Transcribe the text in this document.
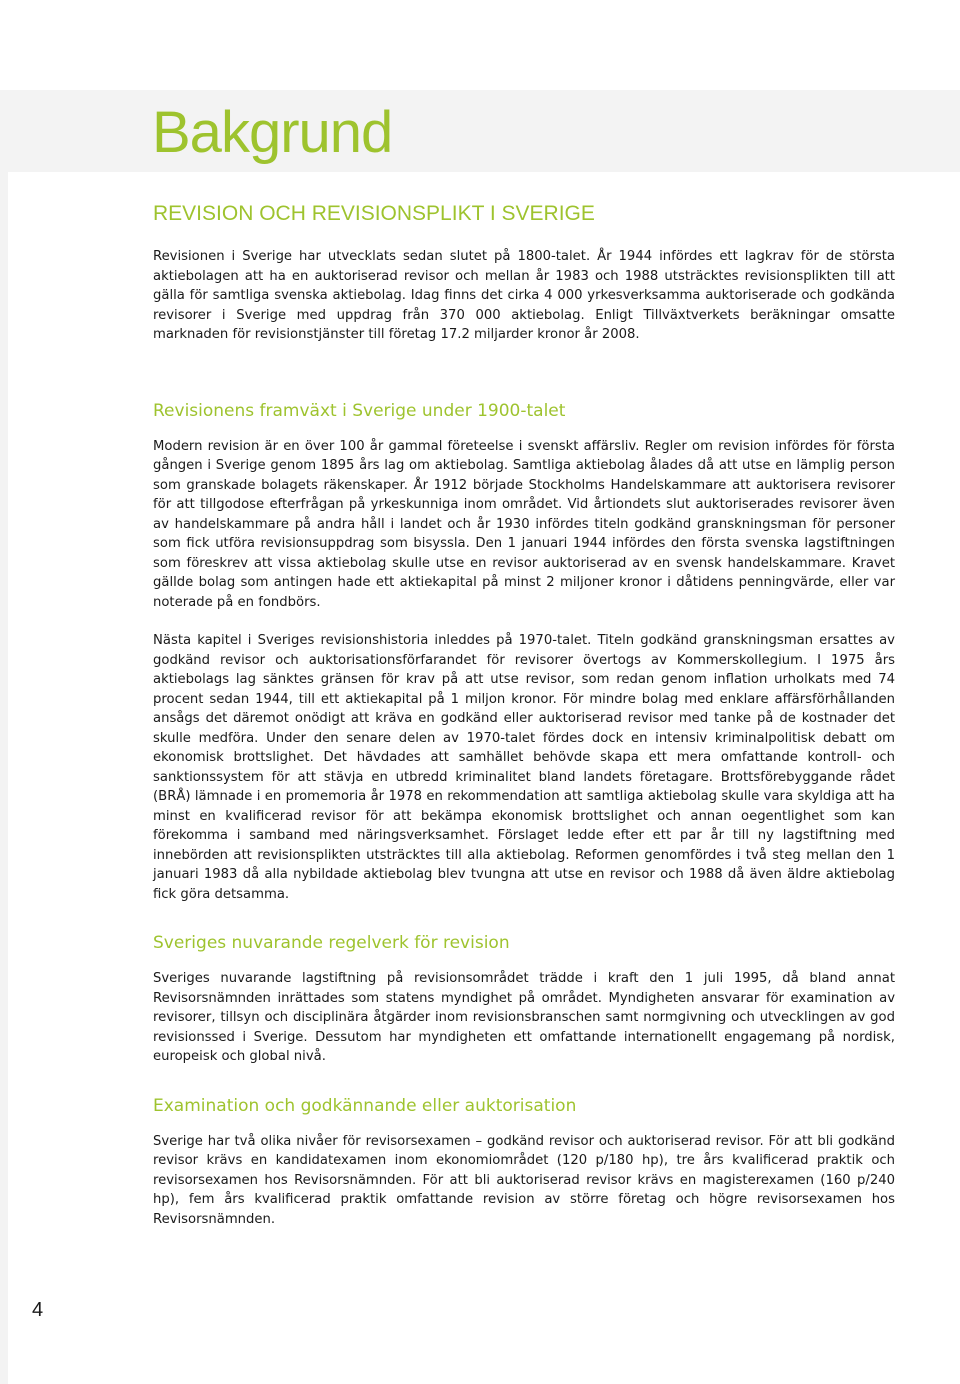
Bakgrund
REVISION OCH REVISIONSPLIKT I SVERIGE

Revisionen i Sverige har utvecklats sedan slutet på 1800-talet. År 1944 infördes ett lagkrav för de största aktiebolagen att ha en auktoriserad revisor och mellan år 1983 och 1988 utsträcktes revisionsplikten till att gälla för samtliga svenska aktiebolag. Idag finns det cirka 4 000 yrkesverksamma auktoriserade och godkända revisorer i Sverige med uppdrag från 370 000 aktiebolag. Enligt Tillväxtverkets beräkningar omsatte marknaden för revisionstjänster till företag 17.2 miljarder kronor år 2008.

Revisionens framväxt i Sverige under 1900-talet

Modern revision är en över 100 år gammal företeelse i svenskt affärsliv. Regler om revision infördes för första gången i Sverige genom 1895 års lag om aktiebolag. Samtliga aktiebolag ålades då att utse en lämplig person som granskade bolagets räkenskaper. År 1912 började Stockholms Handelskammare att auktorisera revisorer för att tillgodose efterfrågan på yrkeskunniga inom området. Vid årtiondets slut auktoriserades revisorer även av handelskammare på andra håll i landet och år 1930 infördes titeln godkänd granskningsman för personer som fick utföra revisionsuppdrag som bisyssla. Den 1 januari 1944 infördes den första svenska lagstiftningen som föreskrev att vissa aktiebolag skulle utse en revisor auktoriserad av en svensk handelskammare. Kravet gällde bolag som antingen hade ett aktiekapital på minst 2 miljoner kronor i dåtidens penningvärde, eller var noterade på en fondbörs.

Nästa kapitel i Sveriges revisionshistoria inleddes på 1970-talet. Titeln godkänd granskningsman ersattes av godkänd revisor och auktorisationsförfarandet för revisorer övertogs av Kommerskollegium. I 1975 års aktiebolags lag sänktes gränsen för krav på att utse revisor, som redan genom inflation urholkats med 74 procent sedan 1944, till ett aktiekapital på 1 miljon kronor. För mindre bolag med enklare affärsförhållanden ansågs det däremot onödigt att kräva en godkänd eller auktoriserad revisor med tanke på de kostnader det skulle medföra. Under den senare delen av 1970-talet fördes dock en intensiv kriminalpolitisk debatt om ekonomisk brottslighet. Det hävdades att samhället behövde skapa ett mera omfattande kontroll- och sanktionssystem för att stävja en utbredd kriminalitet bland landets företagare. Brottsförebyggande rådet (BRÅ) lämnade i en promemoria år 1978 en rekommendation att samtliga aktiebolag skulle vara skyldiga att ha minst en kvalificerad revisor för att bekämpa ekonomisk brottslighet och annan oegentlighet som kan förekomma i samband med näringsverksamhet. Förslaget ledde efter ett par år till ny lagstiftning med innebörden att revisionsplikten utsträcktes till alla aktiebolag. Reformen genomfördes i två steg mellan den 1 januari 1983 då alla nybildade aktiebolag blev tvungna att utse en revisor och 1988 då även äldre aktiebolag fick göra detsamma.

Sveriges nuvarande regelverk för revision

Sveriges nuvarande lagstiftning på revisionsområdet trädde i kraft den 1 juli 1995, då bland annat Revisorsnämnden inrättades som statens myndighet på området. Myndigheten ansvarar för examination av revisorer, tillsyn och disciplinära åtgärder inom revisionsbranschen samt normgivning och utvecklingen av god revisionssed i Sverige. Dessutom har myndigheten ett omfattande internationellt engagemang på nordisk, europeisk och global nivå.

Examination och godkännande eller auktorisation

Sverige har två olika nivåer för revisorsexamen – godkänd revisor och auktoriserad revisor. För att bli godkänd revisor krävs en kandidatexamen inom ekonomiområdet (120 p/180 hp), tre års kvalificerad praktik och revisorsexamen hos Revisorsnämnden. För att bli auktoriserad revisor krävs en magisterexamen (160 p/240 hp), fem års kvalificerad praktik omfattande revision av större företag och högre revisorsexamen hos Revisorsnämnden.

4
